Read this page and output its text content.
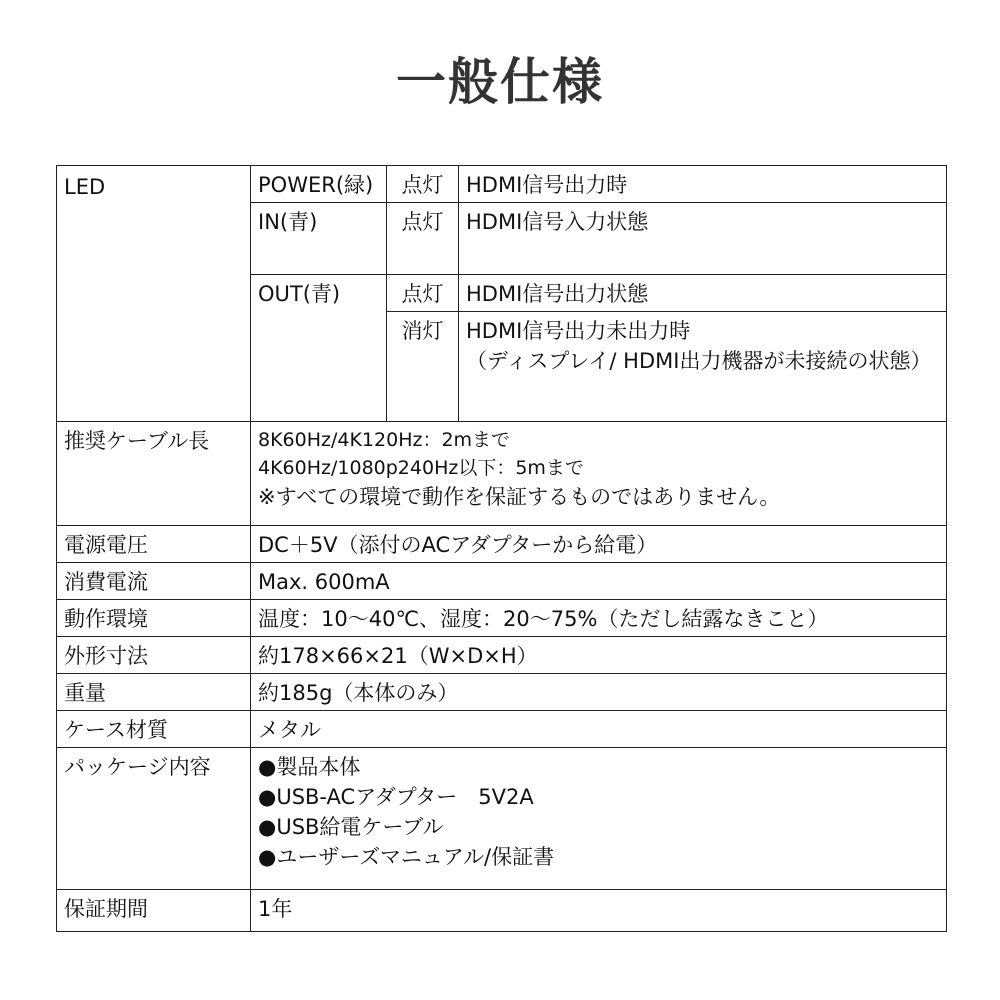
一般仕様
LED	POWER(緑)	点灯	HDMI信号出力時
	IN(青)	点灯	HDMI信号入力状態
	OUT(青)	点灯	HDMI信号出力状態
		消灯	HDMI信号出力未出力時
（ディスプレイ/ HDMI出力機器が未接続の状態）

推奨ケーブル長	8K60Hz/4K120Hz：2mまで
4K60Hz/1080p240Hz以下：5mまで
※すべての環境で動作を保証するものではありません。		

電源電圧	DC＋5V（添付のACアダプターから給電）		
消費電流	Max. 600mA		
動作環境	温度：10〜40℃、湿度：20〜75%（ただし結露なきこと）		
外形寸法	約178×66×21（W×D×H）		
重量	約185g（本体のみ）		
ケース材質	メタル		
パッケージ内容	●製品本体
●USB-ACアダプター　5V2A
●USB給電ケーブル
●ユーザーズマニュアル/保証書		

保証期間	1年		
